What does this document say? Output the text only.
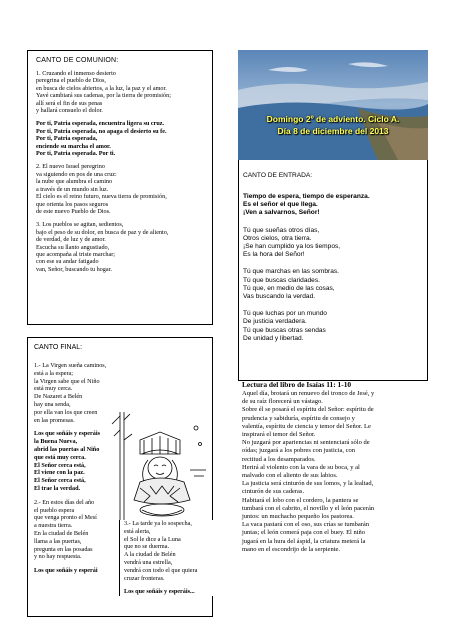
CANTO DE COMUNION:
1. Cruzando el inmenso desierto
peregrina el pueblo de Dios,
en busca de cielos abiertos, a la luz, la paz y el amor.
Yavé cambiará sus cadenas, por la tierra de promisión;
allí será el fin de sus penas
y hallará consuelo el dolor.
Por ti, Patria esperada, encuentra ligera su cruz.
Por ti, Patria esperada, no apaga el desierto su fe.
Por ti, Patria esperada,
enciende su marcha el amor.
Por ti, Patria esperada. Por ti.
2. El nuevo Israel peregrino
va siguiendo en pos de una cruz:
la nube que alumbra el camino
a través de un mundo sin luz.
El cielo es el reino futuro, nueva tierra de promisión,
que orienta los pasos seguros
de este nuevo Pueblo de Dios.
3. Los pueblos se agitan, sedientos,
bajo el peso de su dolor, en busca de paz y de aliento,
de verdad, de luz y de amor.
Escucha su llanto angustiado,
que acompaña al triste marchar;
con ese su andar fatigado
van, Señor, buscando tu hogar.
CANTO FINAL:
1.- La Virgen sueña caminos,
está a la espera;
la Virgen sabe que el Niño
está muy cerca.
De Nazaret a Belén
hay una senda,
por ella van los que creen
en las promesas.
Los que soñáis y esperáis
la Buena Nueva,
abrid las puertas al Niño
que está muy cerca.
El Señor cerca está,
El viene con la paz.
El Señor cerca está,
El trae la verdad.
2.- En estos días del año
el pueblo espera
que venga pronto el Mesí
a nuestra tierra.
En la ciudad de Belén
llama a las puertas,
pregunta en las posadas
y no hay respuesta.
Los que soñáis y esperái
3.- La tarde ya lo sospecha,
está alerta,
el Sol le dice a la Luna
que no se duerma.
A la ciudad de Belén
vendrá una estrella,
vendrá con todo el que quiera
cruzar fronteras.
Los que soñáis y esperáis...
Domingo 2º de adviento. Ciclo A.
Día 8 de diciembre del 2013
CANTO DE ENTRADA:
Tiempo de espera, tiempo de esperanza.
Es el señor el que llega.
¡Ven a salvarnos, Señor!
Tú que sueñas otros días,
Otros cielos, otra tierra.
¡Se han cumplido ya los tiempos,
Es la hora del Señor!
Tú que marchas en las sombras.
Tú que buscas claridades.
Tú que, en medio de las cosas,
Vas buscando la verdad.
Tú que luchas por un mundo
De justicia verdadera.
Tú que buscas otras sendas
De unidad y libertad.
Lectura del libro de Isaías 11: 1-10
Aquel día, brotará un renuevo del tronco de Jesé, y
de su raíz florecerá un vástago.
Sobre él se posará el espíritu del Señor: espíritu de
prudencia y sabiduría, espíritu de consejo y
valentía, espíritu de ciencia y temor del Señor. Le
inspirará el temor del Señor.
No juzgará por apariencias ni sentenciará sólo de
oídas; juzgará a los pobres con justicia, con
rectitud a los desamparados.
Herirá al violento con la vara de su boca, y al
malvado con el aliento de sus labios.
La justicia será cinturón de sus lomos, y la lealtad,
cinturón de sus caderas.
Habitará el lobo con el cordero, la pantera se
tumbará con el cabrito, el novillo y el león pacerán
juntos: un muchacho pequeño los pastorea.
La vaca pastará con el oso, sus crías se tumbarán
juntas; el león comerá paja con el buey. El niño
jugará en la hura del áspid, la criatura meterá la
mano en el escondrijo de la serpiente.
